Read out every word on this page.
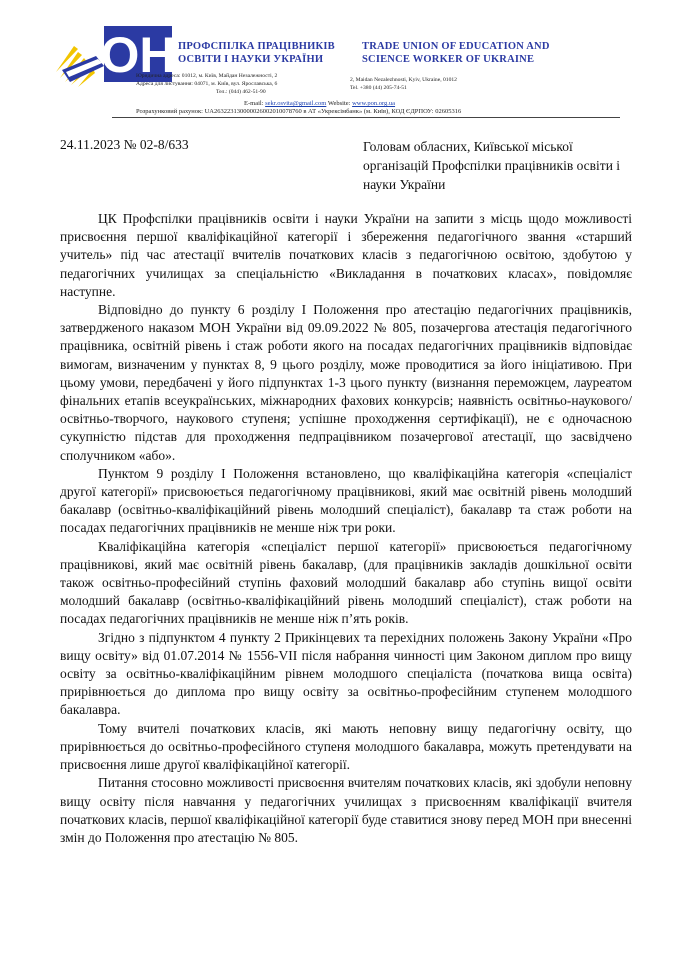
ОН ПРОФСПІЛКА ПРАЦІВНИКІВ
ОСВІТИ І НАУКИ УКРАЇНИ
TRADE UNION OF EDUCATION AND
SCIENCE WORKER OF UKRAINE
Юридична адреса: 01012, м. Київ, Майдан Незалежності, 2
Адреса для листування: 04071, м. Київ, вул. Ярославська, 6
Тел.: (044) 462-51-90
2, Maidan Nezalezhnosti, Kyiv, Ukraine, 01012
Tel. +380 (44) 205-74-51
E-mail: sekr.osvita@gmail.com Website: www.pon.org.ua
Розрахунковий рахунок: UA263223130000026002010078760 в АТ «Укрексімбанк» (м. Київ), КОД ЄДРПОУ: 02605316
24.11.2023 № 02-8/633	Головам обласних, Київської міської організацій Профспілки працівників освіти і науки України

ЦК Профспілки працівників освіти і науки України на запити з місць щодо можливості присвоєння першої кваліфікаційної категорії і збереження педагогічного звання «старший учитель» під час атестації вчителів початкових класів з педагогічною освітою, здобутою у педагогічних училищах за спеціальністю «Викладання в початкових класах», повідомляє наступне.

Відповідно до пункту 6 розділу І Положення про атестацію педагогічних працівників, затвердженого наказом МОН України від 09.09.2022 № 805, позачергова атестація педагогічного працівника, освітній рівень і стаж роботи якого на посадах педагогічних працівників відповідає вимогам, визначеним у пунктах 8, 9 цього розділу, може проводитися за його ініціативою. При цьому умови, передбачені у його підпунктах 1-3 цього пункту (визнання переможцем, лауреатом фінальних етапів всеукраїнських, міжнародних фахових конкурсів; наявність освітньо-наукового/освітньо-творчого, наукового ступеня; успішне проходження сертифікації), не є одночасною сукупністю підстав для проходження педпрацівником позачергової атестації, що засвідчено сполучником «або».

Пунктом 9 розділу І Положення встановлено, що кваліфікаційна категорія «спеціаліст другої категорії» присвоюється педагогічному працівникові, який має освітній рівень молодший бакалавр (освітньо-кваліфікаційний рівень молодший спеціаліст), бакалавр та стаж роботи на посадах педагогічних працівників не менше ніж три роки.

Кваліфікаційна категорія «спеціаліст першої категорії» присвоюється педагогічному працівникові, який має освітній рівень бакалавр, (для працівників закладів дошкільної освіти також освітньо-професійний ступінь фаховий молодший бакалавр або ступінь вищої освіти молодший бакалавр (освітньо-кваліфікаційний рівень молодший спеціаліст), стаж роботи на посадах педагогічних працівників не менше ніж п’ять років.

Згідно з підпунктом 4 пункту 2 Прикінцевих та перехідних положень Закону України «Про вищу освіту» від 01.07.2014 № 1556-VII після набрання чинності цим Законом диплом про вищу освіту за освітньо-кваліфікаційним рівнем молодшого спеціаліста (початкова вища освіта) прирівнюється до диплома про вищу освіту за освітньо-професійним ступенем молодшого бакалавра.

Тому вчителі початкових класів, які мають неповну вищу педагогічну освіту, що прирівнюється до освітньо-професійного ступеня молодшого бакалавра, можуть претендувати на присвоєння лише другої кваліфікаційної категорії.

Питання стосовно можливості присвоєння вчителям початкових класів, які здобули неповну вищу освіту після навчання у педагогічних училищах з присвоєнням кваліфікації вчителя початкових класів, першої кваліфікаційної категорії буде ставитися знову перед МОН при внесенні змін до Положення про атестацію № 805.
